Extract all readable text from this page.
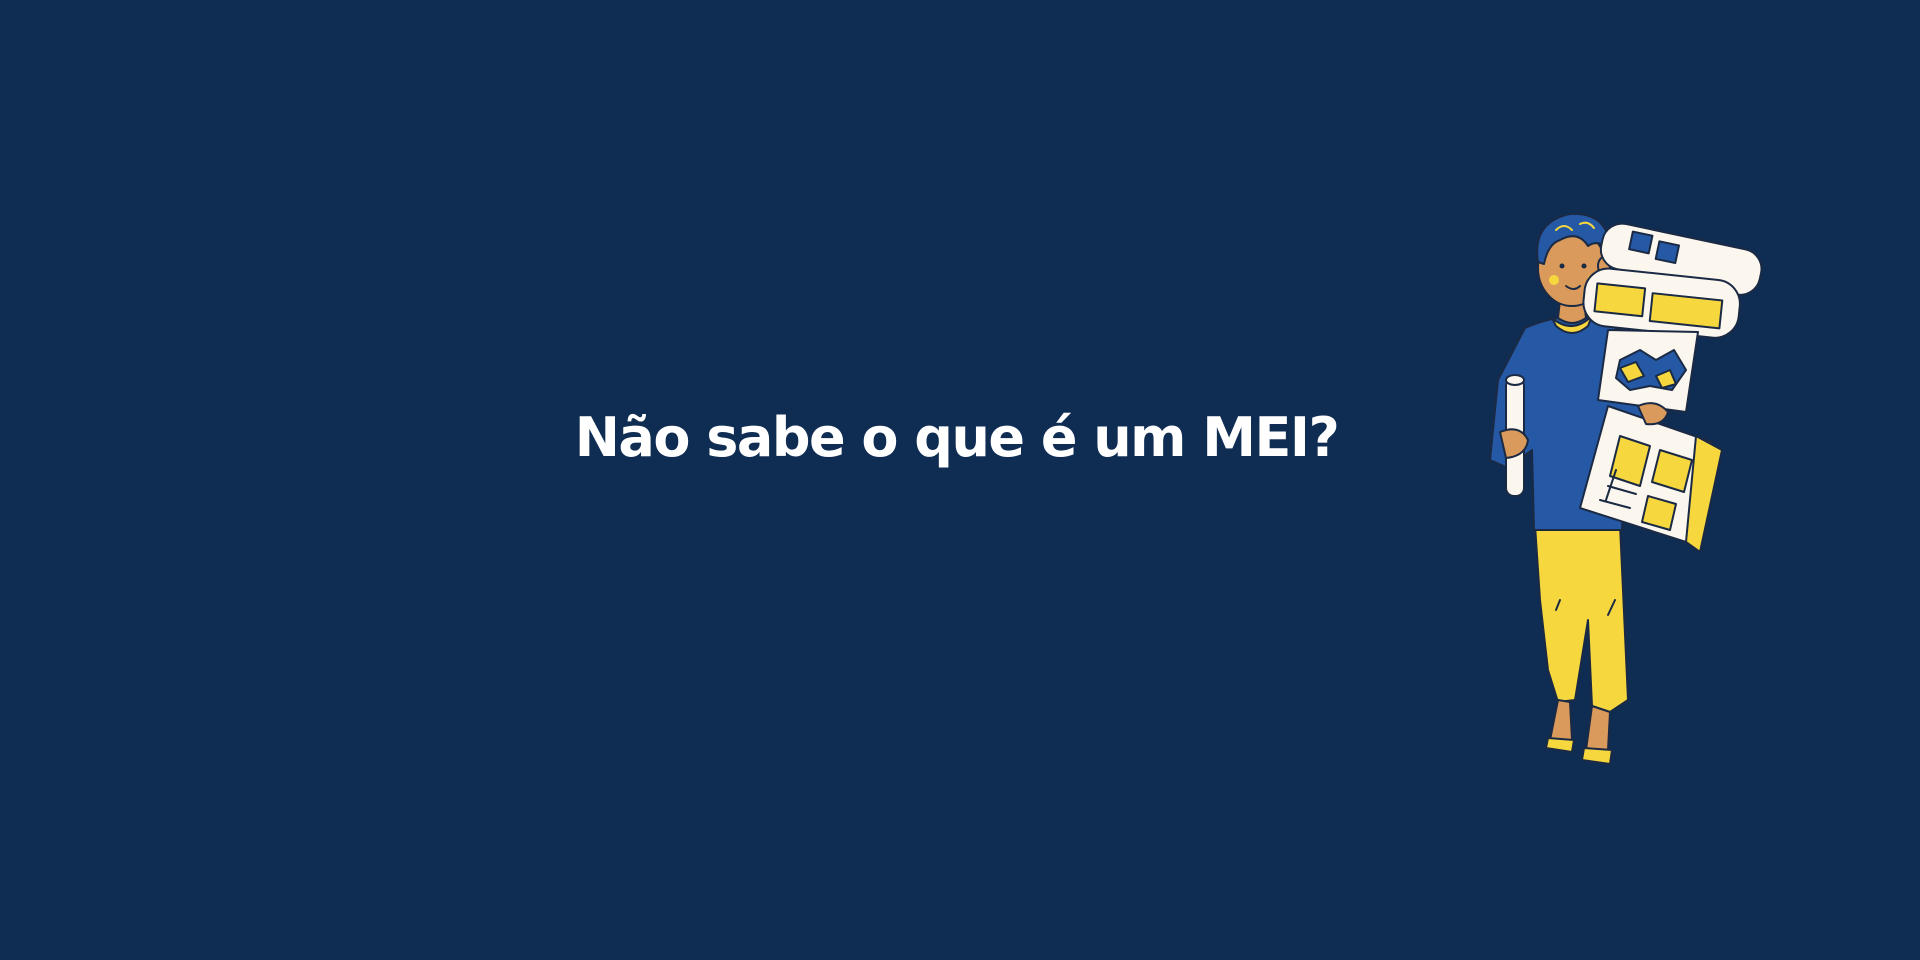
Não sabe o que é um MEI?
